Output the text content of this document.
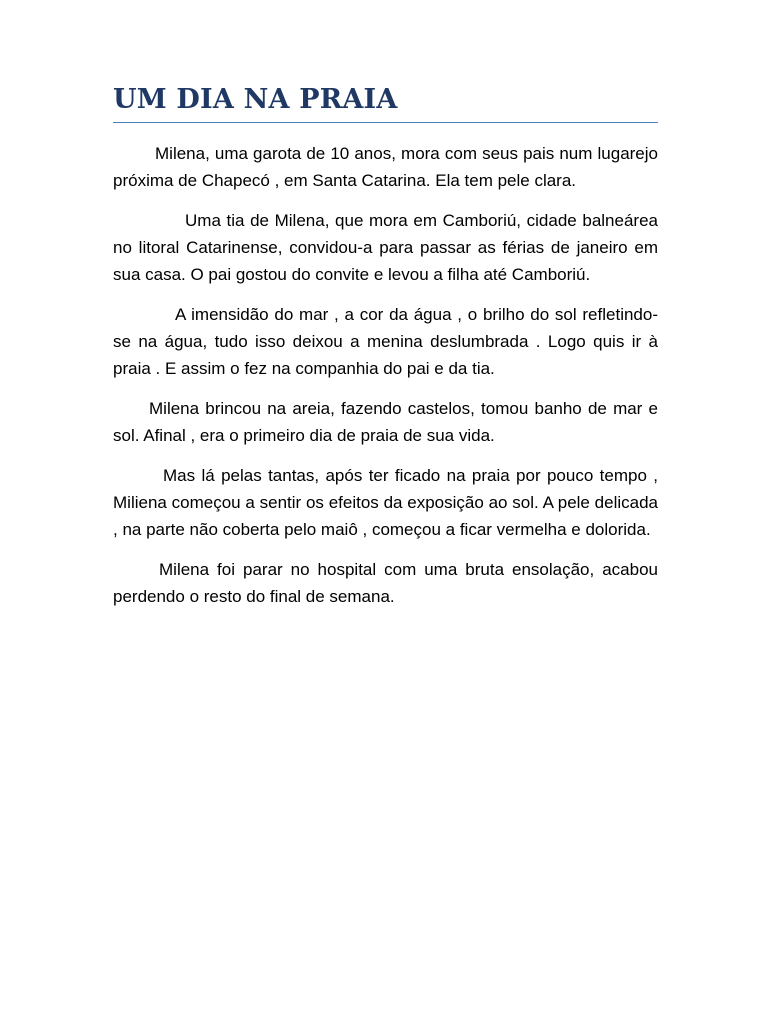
UM DIA NA PRAIA

Milena, uma garota de 10 anos, mora com seus pais num lugarejo próxima de Chapecó , em Santa Catarina. Ela tem pele clara.

Uma tia de Milena, que mora em Camboriú, cidade balneárea no litoral Catarinense, convidou-a para passar as férias de janeiro em sua casa. O pai gostou do convite e levou a filha até Camboriú.

A imensidão do mar , a cor da água , o brilho do sol refletindo-se na água, tudo isso deixou a menina deslumbrada . Logo quis ir à praia . E assim o fez na companhia do pai e da tia.

Milena brincou na areia, fazendo castelos, tomou banho de mar e sol. Afinal , era o primeiro dia de praia de sua vida.

Mas lá pelas tantas, após ter ficado na praia por pouco tempo , Miliena começou a sentir os efeitos da exposição ao sol. A pele delicada , na parte não coberta pelo maiô , começou a ficar vermelha e dolorida.

Milena foi parar no hospital com uma bruta ensolação, acabou perdendo o resto do final de semana.
